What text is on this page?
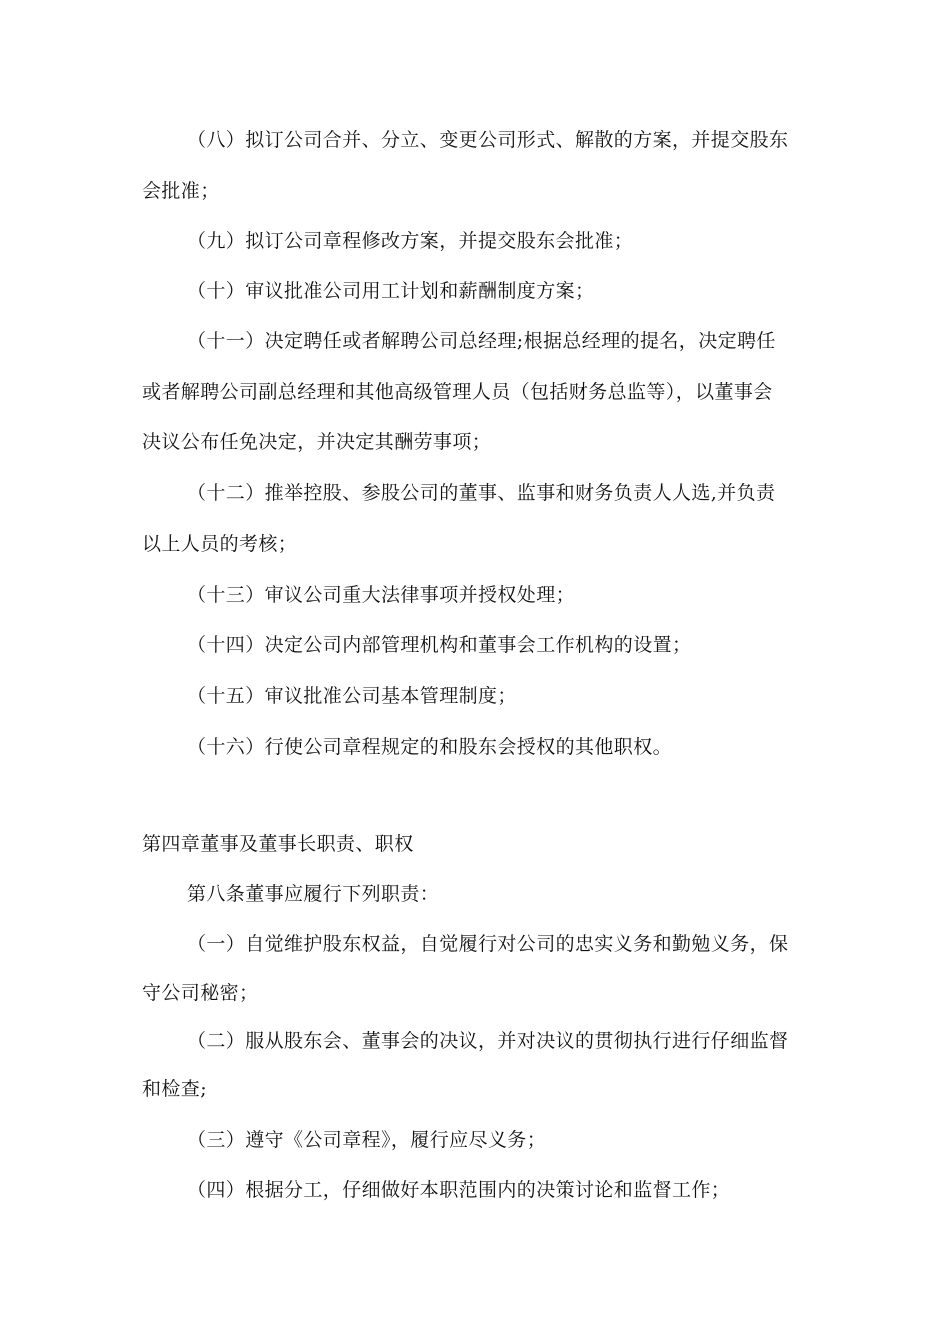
（八）拟订公司合并、分立、变更公司形式、解散的方案，并提交股东
会批准；
（九）拟订公司章程修改方案，并提交股东会批准；
（十）审议批准公司用工计划和薪酬制度方案；
（十一）决定聘任或者解聘公司总经理;根据总经理的提名，决定聘任
或者解聘公司副总经理和其他高级管理人员（包括财务总监等），以董事会
决议公布任免决定，并决定其酬劳事项；
（十二）推举控股、参股公司的董事、监事和财务负责人人选,并负责
以上人员的考核；
（十三）审议公司重大法律事项并授权处理；
（十四）决定公司内部管理机构和董事会工作机构的设置；
（十五）审议批准公司基本管理制度；
（十六）行使公司章程规定的和股东会授权的其他职权。
第四章董事及董事长职责、职权
第八条董事应履行下列职责：
（一）自觉维护股东权益，自觉履行对公司的忠实义务和勤勉义务，保
守公司秘密；
（二）服从股东会、董事会的决议，并对决议的贯彻执行进行仔细监督
和检查;
（三）遵守《公司章程》，履行应尽义务；
（四）根据分工，仔细做好本职范围内的决策讨论和监督工作；
